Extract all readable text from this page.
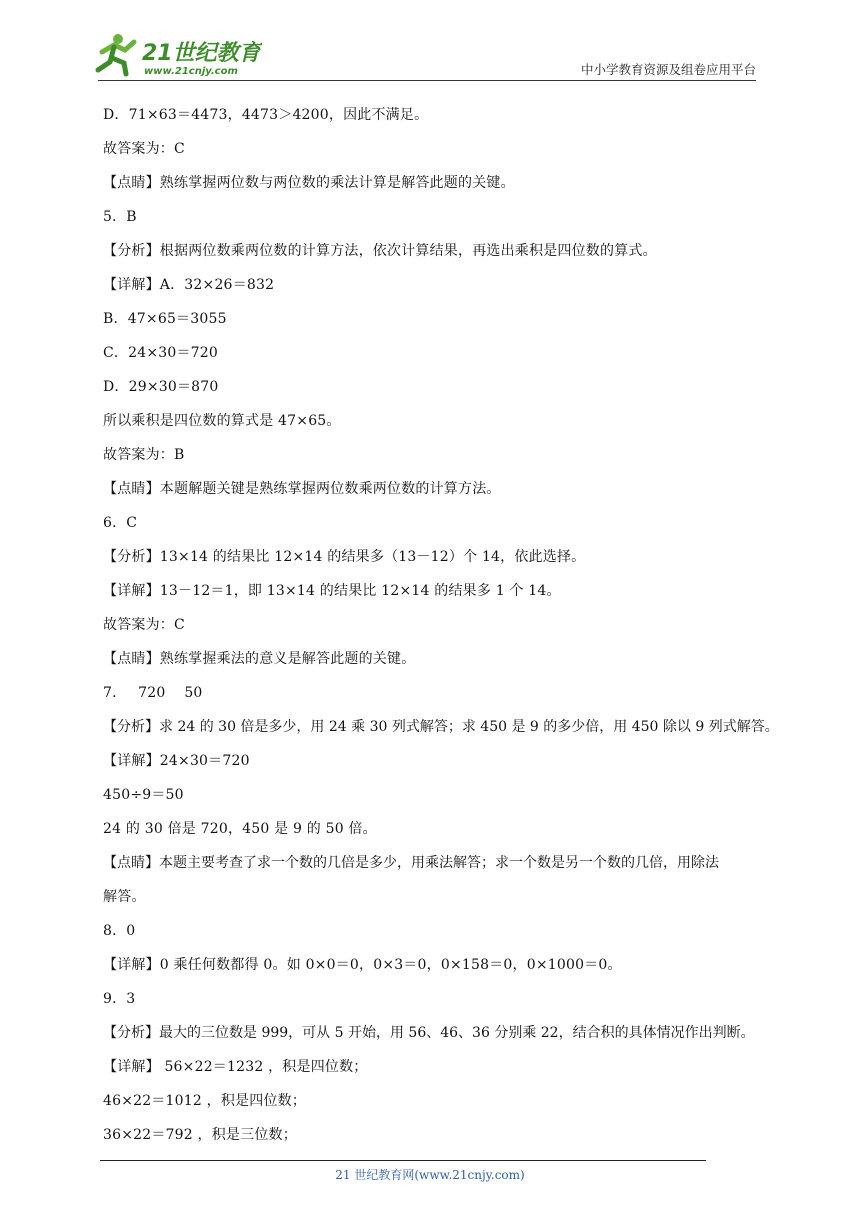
21世纪教育
www.21cnjy.com	中小学教育资源及组卷应用平台
D．71×63＝4473，4473＞4200，因此不满足。
故答案为：C
【点睛】熟练掌握两位数与两位数的乘法计算是解答此题的关键。
5．B
【分析】根据两位数乘两位数的计算方法，依次计算结果，再选出乘积是四位数的算式。
【详解】A．32×26＝832
B．47×65＝3055
C．24×30＝720
D．29×30＝870
所以乘积是四位数的算式是 47×65。
故答案为：B
【点睛】本题解题关键是熟练掌握两位数乘两位数的计算方法。
6．C
【分析】13×14 的结果比 12×14 的结果多（13－12）个 14，依此选择。
【详解】13－12＝1，即 13×14 的结果比 12×14 的结果多 1 个 14。
故答案为：C
【点睛】熟练掌握乘法的意义是解答此题的关键。
7．　 720　 50
【分析】求 24 的 30 倍是多少，用 24 乘 30 列式解答；求 450 是 9 的多少倍，用 450 除以 9 列式解答。
【详解】24×30＝720
450÷9＝50
24 的 30 倍是 720，450 是 9 的 50 倍。
【点睛】本题主要考查了求一个数的几倍是多少，用乘法解答；求一个数是另一个数的几倍，用除法
解答。
8．0
【详解】0 乘任何数都得 0。如 0×0＝0，0×3＝0，0×158＝0，0×1000＝0。
9．3
【分析】最大的三位数是 999，可从 5 开始，用 56、46、36 分别乘 22，结合积的具体情况作出判断。
【详解】 56×22＝1232 ，积是四位数；
46×22＝1012 ，积是四位数；
36×22＝792 ，积是三位数；
21 世纪教育网(www.21cnjy.com)
